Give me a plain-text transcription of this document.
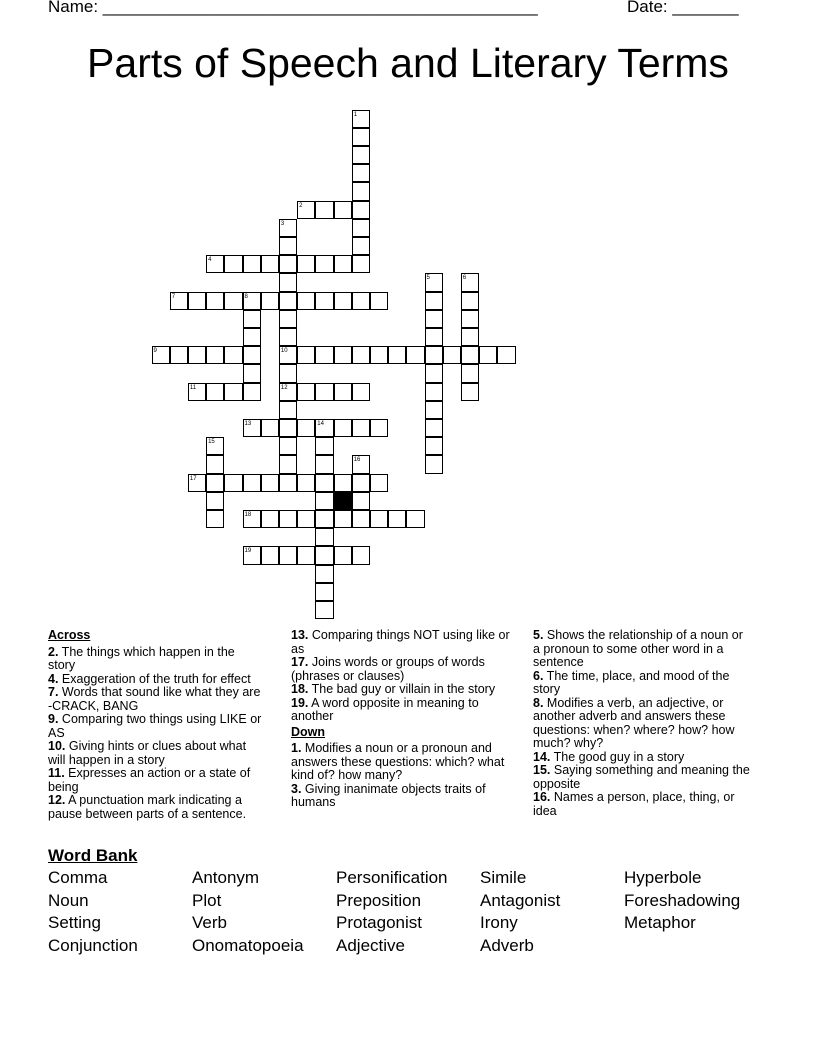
Name: ______________________________________________	Date: _______
Parts of Speech and Literary Terms
1
2
3
10
12
4
5	6
7	8
9
11
13	14
15
16
17
18
19
Across
2. The things which happen in the story
4. Exaggeration of the truth for effect
7. Words that sound like what they are -CRACK, BANG
9. Comparing two things using LIKE or AS
10. Giving hints or clues about what will happen in a story
11. Expresses an action or a state of being
12. A punctuation mark indicating a pause between parts of a sentence.
13. Comparing things NOT using like or as
17. Joins words or groups of words (phrases or clauses)
18. The bad guy or villain in the story
19. A word opposite in meaning to another
Down
1. Modifies a noun or a pronoun and answers these questions: which? what kind of? how many?
3. Giving inanimate objects traits of humans
5. Shows the relationship of a noun or a pronoun to some other word in a sentence
6. The time, place, and mood of the story
8. Modifies a verb, an adjective, or another adverb and answers these questions: when? where? how? how much? why?
14. The good guy in a story
15. Saying something and meaning the opposite
16. Names a person, place, thing, or idea
Word Bank
Comma	Antonym	Personification Simile	Hyperbole
Noun	Plot	Preposition	Antagonist	Foreshadowing
Setting	Verb	Protagonist	Irony	Metaphor
Conjunction	Onomatopoeia Adjective	Adverb
